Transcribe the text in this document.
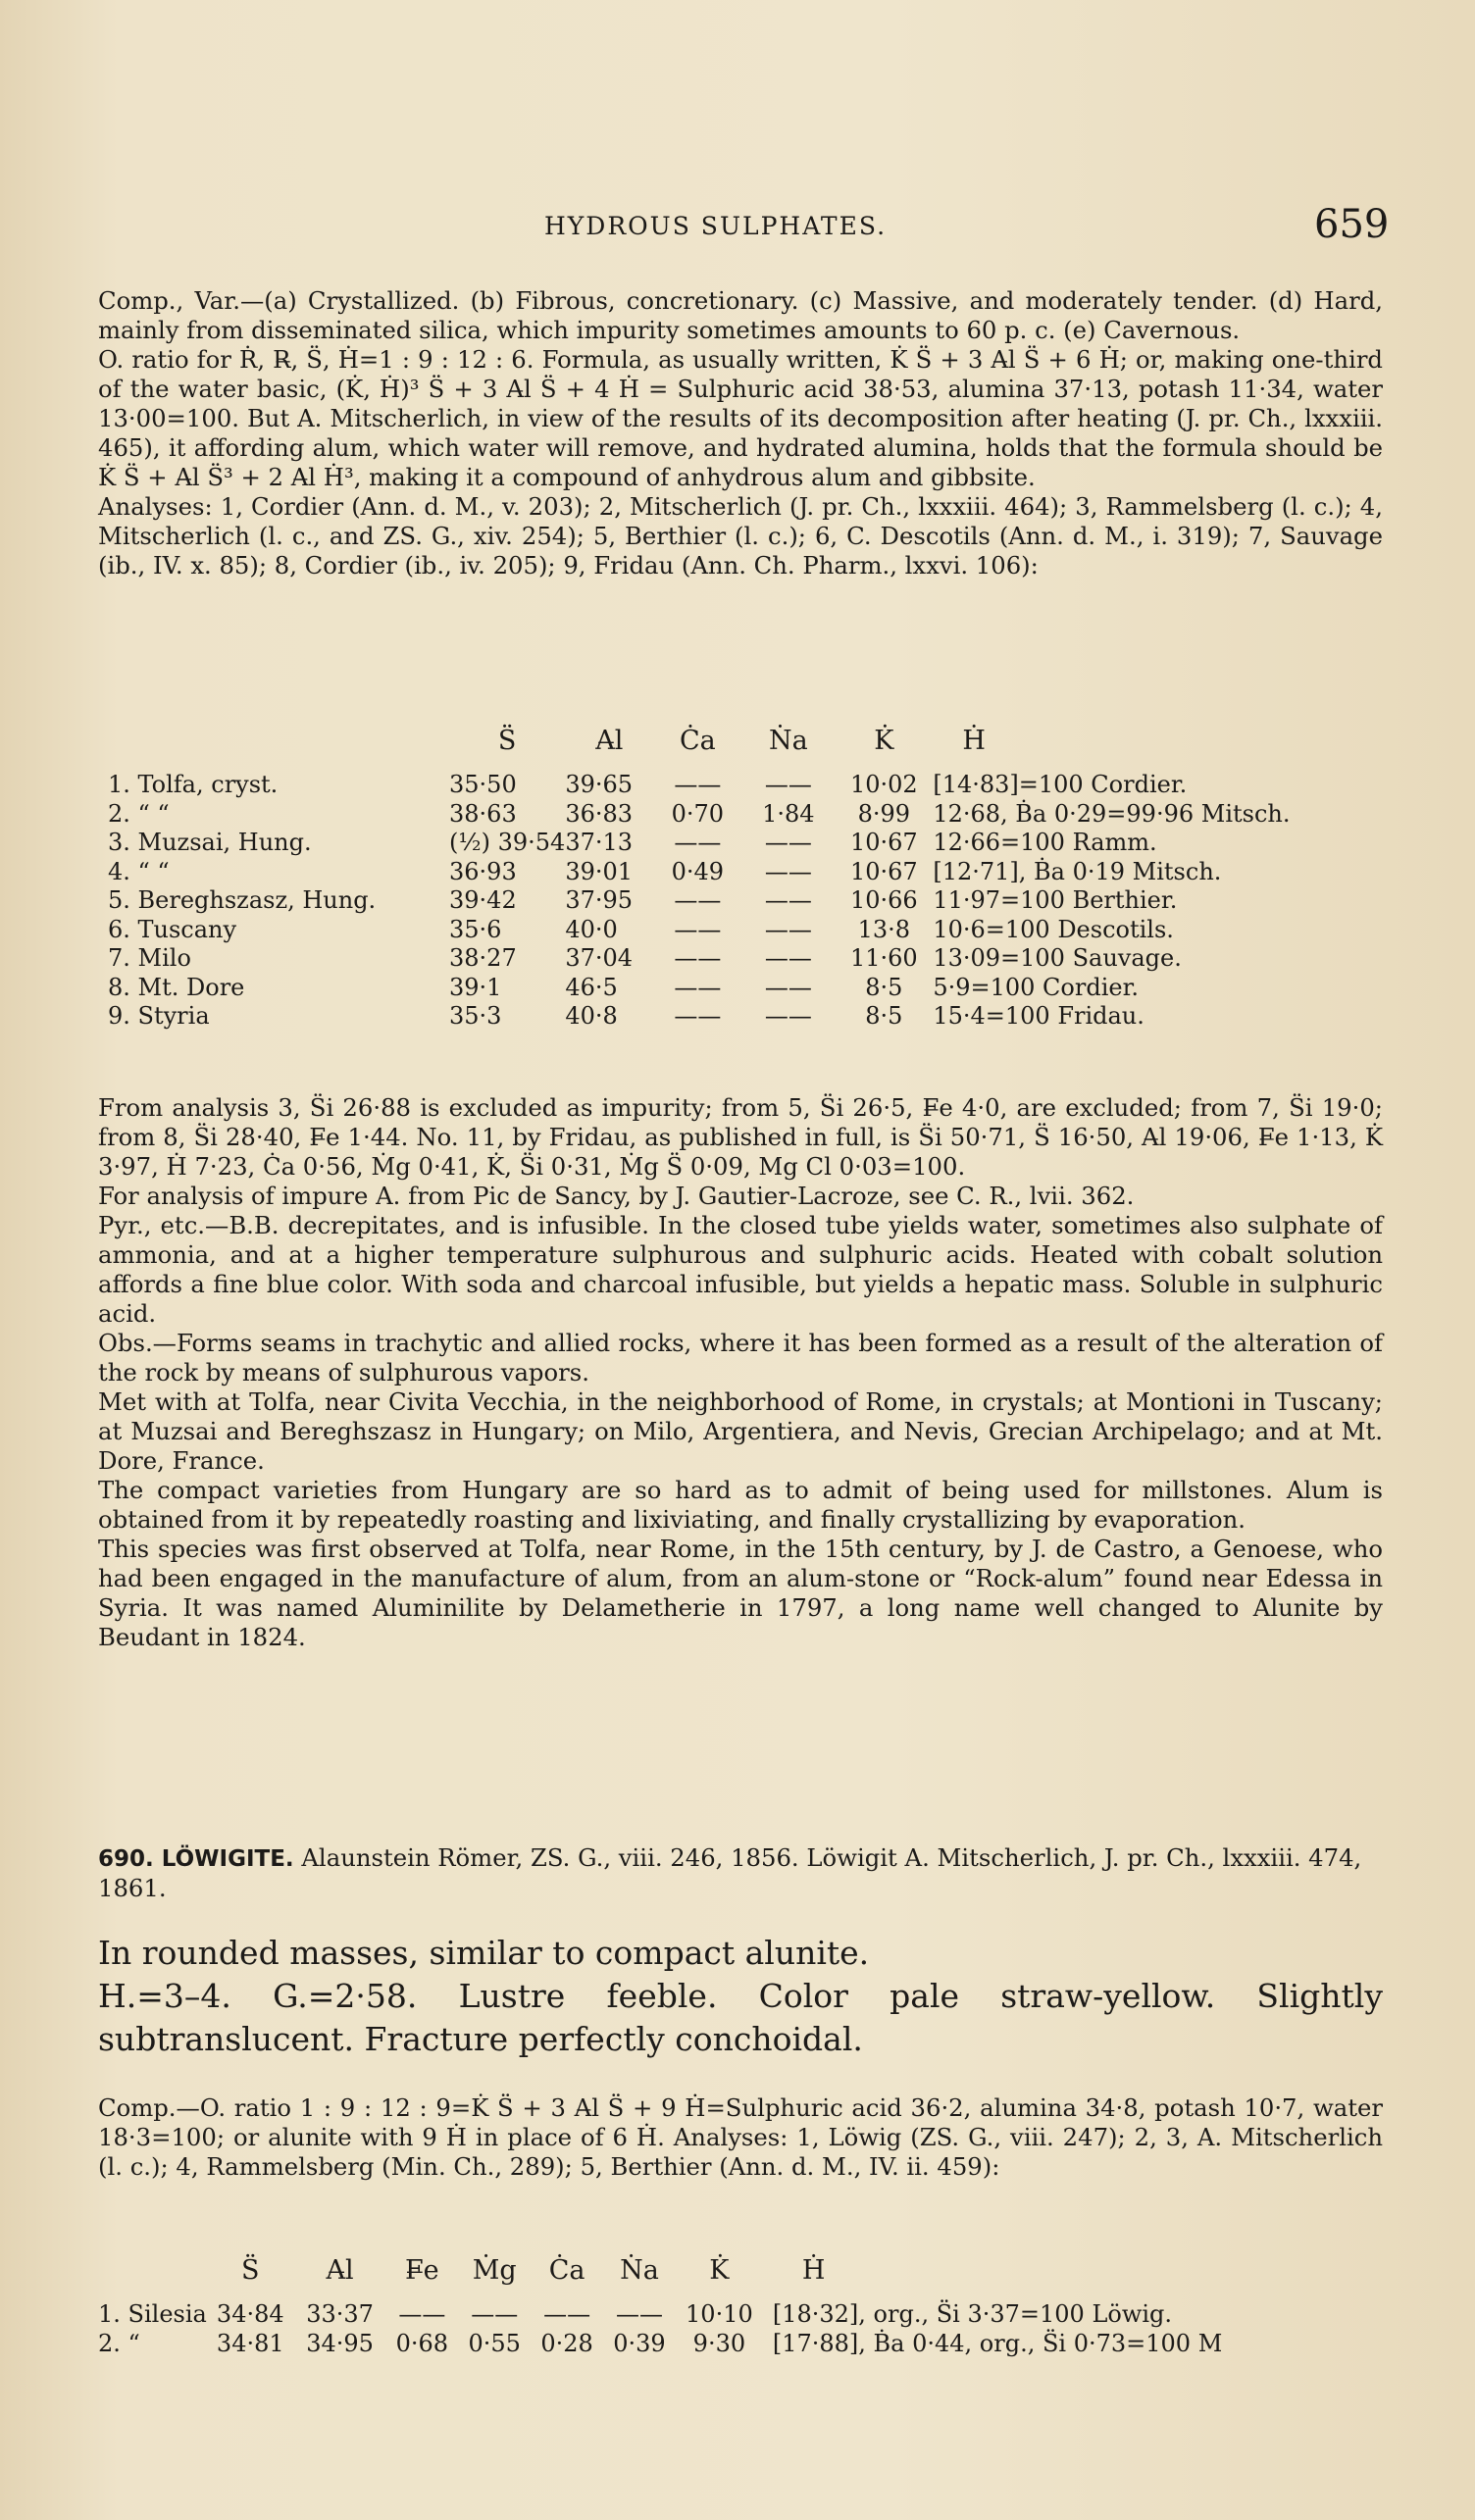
HYDROUS SULPHATES.	659

Comp., Var.—(a) Crystallized. (b) Fibrous, concretionary. (c) Massive, and moderately tender. (d) Hard, mainly from disseminated silica, which impurity sometimes amounts to 60 p. c. (e) Cavernous.

O. ratio for Ṙ, R̶, S̈, Ḣ=1 : 9 : 12 : 6. Formula, as usually written, K̇ S̈ + 3 A̶l S̈ + 6 Ḣ; or, making one-third of the water basic, (K̇, Ḣ)³ S̈ + 3 A̶l S̈ + 4 Ḣ = Sulphuric acid 38·53, alumina 37·13, potash 11·34, water 13·00=100. But A. Mitscherlich, in view of the results of its decomposition after heating (J. pr. Ch., lxxxiii. 465), it affording alum, which water will remove, and hydrated alumina, holds that the formula should be K̇ S̈ + A̶l S̈³ + 2 A̶l Ḣ³, making it a compound of anhydrous alum and gibbsite.

Analyses: 1, Cordier (Ann. d. M., v. 203); 2, Mitscherlich (J. pr. Ch., lxxxiii. 464); 3, Rammelsberg (l. c.); 4, Mitscherlich (l. c., and ZS. G., xiv. 254); 5, Berthier (l. c.); 6, C. Descotils (Ann. d. M., i. 319); 7, Sauvage (ib., IV. x. 85); 8, Cordier (ib., iv. 205); 9, Fridau (Ann. Ch. Pharm., lxxvi. 106):

	S̈	A̶l	Ċa	Ṅa	K̇	Ḣ
1. Tolfa, cryst.	35·50	39·65	——	——	10·02	[14·83]=100 Cordier.
2. “ “	38·63	36·83	0·70	1·84	8·99	12·68, Ḃa 0·29=99·96 Mitsch.
3. Muzsai, Hung.	(½) 39·54	37·13	——	——	10·67	12·66=100 Ramm.
4. “ “	36·93	39·01	0·49	——	10·67	[12·71], Ḃa 0·19 Mitsch.
5. Bereghszasz, Hung.	39·42	37·95	——	——	10·66	11·97=100 Berthier.
6. Tuscany	35·6	40·0	——	——	13·8	10·6=100 Descotils.
7. Milo	38·27	37·04	——	——	11·60	13·09=100 Sauvage.
8. Mt. Dore	39·1	46·5	——	——	8·5	5·9=100 Cordier.
9. Styria	35·3	40·8	——	——	8·5	15·4=100 Fridau.

From analysis 3, S̈i 26·88 is excluded as impurity; from 5, S̈i 26·5, F̶e 4·0, are excluded; from 7, S̈i 19·0; from 8, S̈i 28·40, F̶e 1·44. No. 11, by Fridau, as published in full, is S̈i 50·71, S̈ 16·50, A̶l 19·06, F̶e 1·13, K̇ 3·97, Ḣ 7·23, Ċa 0·56, Ṁg 0·41, K̇, S̈i 0·31, Ṁg S̈ 0·09, Mg Cl 0·03=100.

For analysis of impure A. from Pic de Sancy, by J. Gautier-Lacroze, see C. R., lvii. 362.

Pyr., etc.—B.B. decrepitates, and is infusible. In the closed tube yields water, sometimes also sulphate of ammonia, and at a higher temperature sulphurous and sulphuric acids. Heated with cobalt solution affords a fine blue color. With soda and charcoal infusible, but yields a hepatic mass. Soluble in sulphuric acid.

Obs.—Forms seams in trachytic and allied rocks, where it has been formed as a result of the alteration of the rock by means of sulphurous vapors.

Met with at Tolfa, near Civita Vecchia, in the neighborhood of Rome, in crystals; at Montioni in Tuscany; at Muzsai and Bereghszasz in Hungary; on Milo, Argentiera, and Nevis, Grecian Archipelago; and at Mt. Dore, France.

The compact varieties from Hungary are so hard as to admit of being used for millstones. Alum is obtained from it by repeatedly roasting and lixiviating, and finally crystallizing by evaporation.

This species was first observed at Tolfa, near Rome, in the 15th century, by J. de Castro, a Genoese, who had been engaged in the manufacture of alum, from an alum-stone or “Rock-alum” found near Edessa in Syria. It was named Aluminilite by Delametherie in 1797, a long name well changed to Alunite by Beudant in 1824.

690. LÖWIGITE. Alaunstein Römer, ZS. G., viii. 246, 1856. Löwigit A. Mitscherlich, J. pr. Ch., lxxxiii. 474, 1861.

In rounded masses, similar to compact alunite.

H.=3–4. G.=2·58. Lustre feeble. Color pale straw-yellow. Slightly subtranslucent. Fracture perfectly conchoidal.

Comp.—O. ratio 1 : 9 : 12 : 9=K̇ S̈ + 3 A̶l S̈ + 9 Ḣ=Sulphuric acid 36·2, alumina 34·8, potash 10·7, water 18·3=100; or alunite with 9 Ḣ in place of 6 Ḣ. Analyses: 1, Löwig (ZS. G., viii. 247); 2, 3, A. Mitscherlich (l. c.); 4, Rammelsberg (Min. Ch., 289); 5, Berthier (Ann. d. M., IV. ii. 459):

	S̈	A̶l	F̶e	Ṁg	Ċa	Ṅa	K̇	Ḣ
1. Silesia	34·84	33·37	——	——	——	——	10·10	[18·32], org., S̈i 3·37=100 Löwig.
2. “	34·81	34·95	0·68	0·55	0·28	0·39	9·30	[17·88], Ḃa 0·44, org., S̈i 0·73=100 M
